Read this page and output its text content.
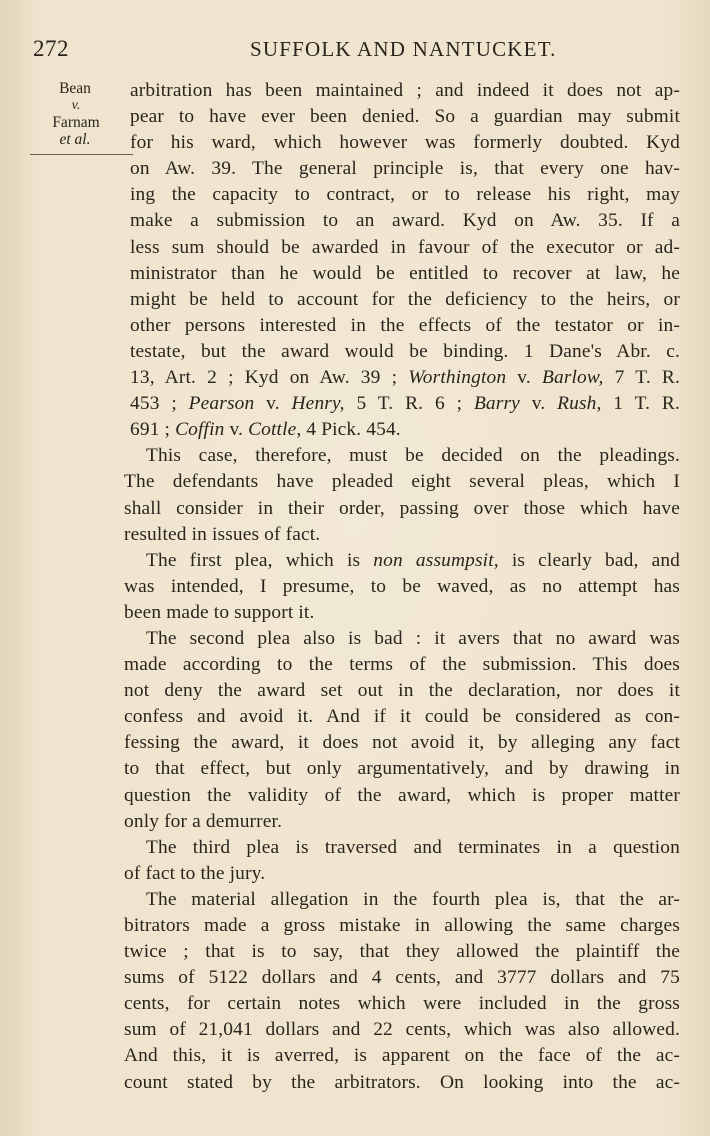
272	SUFFOLK AND NANTUCKET.
Bean
v.
Farnam
et al.

arbitration has been maintained ; and indeed it does not ap-
pear to have ever been denied. So a guardian may submit
for his ward, which however was formerly doubted. Kyd
on Aw. 39. The general principle is, that every one hav-
ing the capacity to contract, or to release his right, may
make a submission to an award. Kyd on Aw. 35. If a
less sum should be awarded in favour of the executor or ad-
ministrator than he would be entitled to recover at law, he
might be held to account for the deficiency to the heirs, or
other persons interested in the effects of the testator or in-
testate, but the award would be binding. 1 Dane's Abr. c.
13, Art. 2 ; Kyd on Aw. 39 ; Worthington v. Barlow, 7 T. R.
453 ; Pearson v. Henry, 5 T. R. 6 ; Barry v. Rush, 1 T. R.
691 ; Coffin v. Cottle, 4 Pick. 454.

This case, therefore, must be decided on the pleadings.
The defendants have pleaded eight several pleas, which I
shall consider in their order, passing over those which have
resulted in issues of fact.

The first plea, which is non assumpsit, is clearly bad, and
was intended, I presume, to be waved, as no attempt has
been made to support it.

The second plea also is bad : it avers that no award was
made according to the terms of the submission. This does
not deny the award set out in the declaration, nor does it
confess and avoid it. And if it could be considered as con-
fessing the award, it does not avoid it, by alleging any fact
to that effect, but only argumentatively, and by drawing in
question the validity of the award, which is proper matter
only for a demurrer.

The third plea is traversed and terminates in a question
of fact to the jury.

The material allegation in the fourth plea is, that the ar-
bitrators made a gross mistake in allowing the same charges
twice ; that is to say, that they allowed the plaintiff the
sums of 5122 dollars and 4 cents, and 3777 dollars and 75
cents, for certain notes which were included in the gross
sum of 21,041 dollars and 22 cents, which was also allowed.
And this, it is averred, is apparent on the face of the ac-
count stated by the arbitrators. On looking into the ac-
